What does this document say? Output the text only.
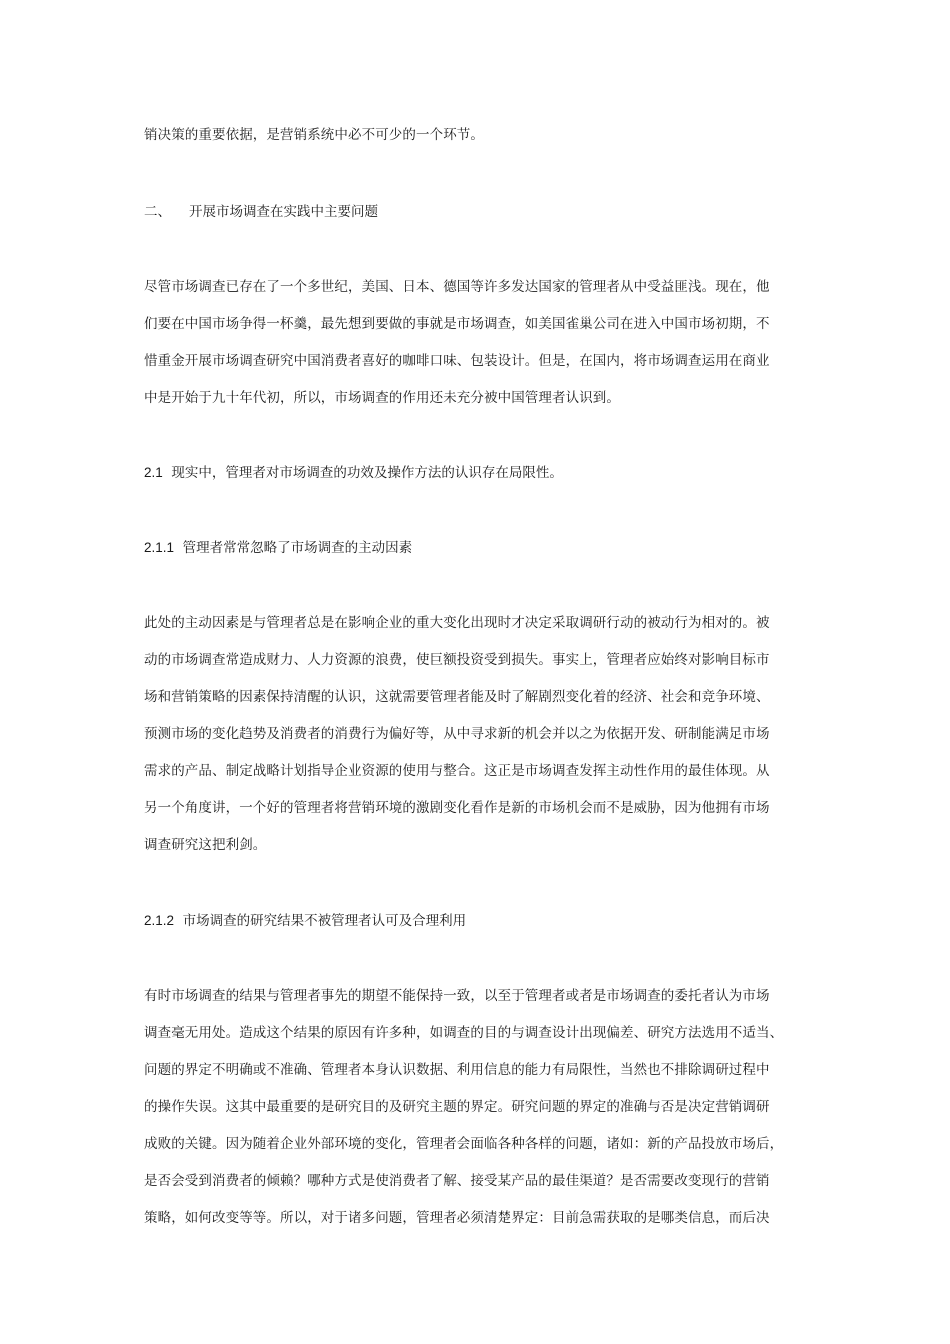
销决策的重要依据，是营销系统中必不可少的一个环节。
二、 开展市场调查在实践中主要问题
尽管市场调查已存在了一个多世纪，美国、日本、德国等许多发达国家的管理者从中受益匪浅。现在，他
们要在中国市场争得一杯羹，最先想到要做的事就是市场调查，如美国雀巢公司在进入中国市场初期，不
惜重金开展市场调查研究中国消费者喜好的咖啡口味、包装设计。但是，在国内，将市场调查运用在商业
中是开始于九十年代初，所以，市场调查的作用还未充分被中国管理者认识到。
2.1 现实中，管理者对市场调查的功效及操作方法的认识存在局限性。
2.1.1 管理者常常忽略了市场调查的主动因素
此处的主动因素是与管理者总是在影响企业的重大变化出现时才决定采取调研行动的被动行为相对的。被
动的市场调查常造成财力、人力资源的浪费，使巨额投资受到损失。事实上，管理者应始终对影响目标市
场和营销策略的因素保持清醒的认识，这就需要管理者能及时了解剧烈变化着的经济、社会和竞争环境、
预测市场的变化趋势及消费者的消费行为偏好等，从中寻求新的机会并以之为依据开发、研制能满足市场
需求的产品、制定战略计划指导企业资源的使用与整合。这正是市场调查发挥主动性作用的最佳体现。从
另一个角度讲，一个好的管理者将营销环境的激剧变化看作是新的市场机会而不是威胁，因为他拥有市场
调查研究这把利剑。
2.1.2 市场调查的研究结果不被管理者认可及合理利用
有时市场调查的结果与管理者事先的期望不能保持一致，以至于管理者或者是市场调查的委托者认为市场
调查毫无用处。造成这个结果的原因有许多种，如调查的目的与调查设计出现偏差、研究方法选用不适当、
问题的界定不明确或不准确、管理者本身认识数据、利用信息的能力有局限性，当然也不排除调研过程中
的操作失误。这其中最重要的是研究目的及研究主题的界定。研究问题的界定的准确与否是决定营销调研
成败的关键。因为随着企业外部环境的变化，管理者会面临各种各样的问题，诸如：新的产品投放市场后，
是否会受到消费者的倾赖？哪种方式是使消费者了解、接受某产品的最佳渠道？是否需要改变现行的营销
策略，如何改变等等。所以，对于诸多问题，管理者必须清楚界定：目前急需获取的是哪类信息，而后决
